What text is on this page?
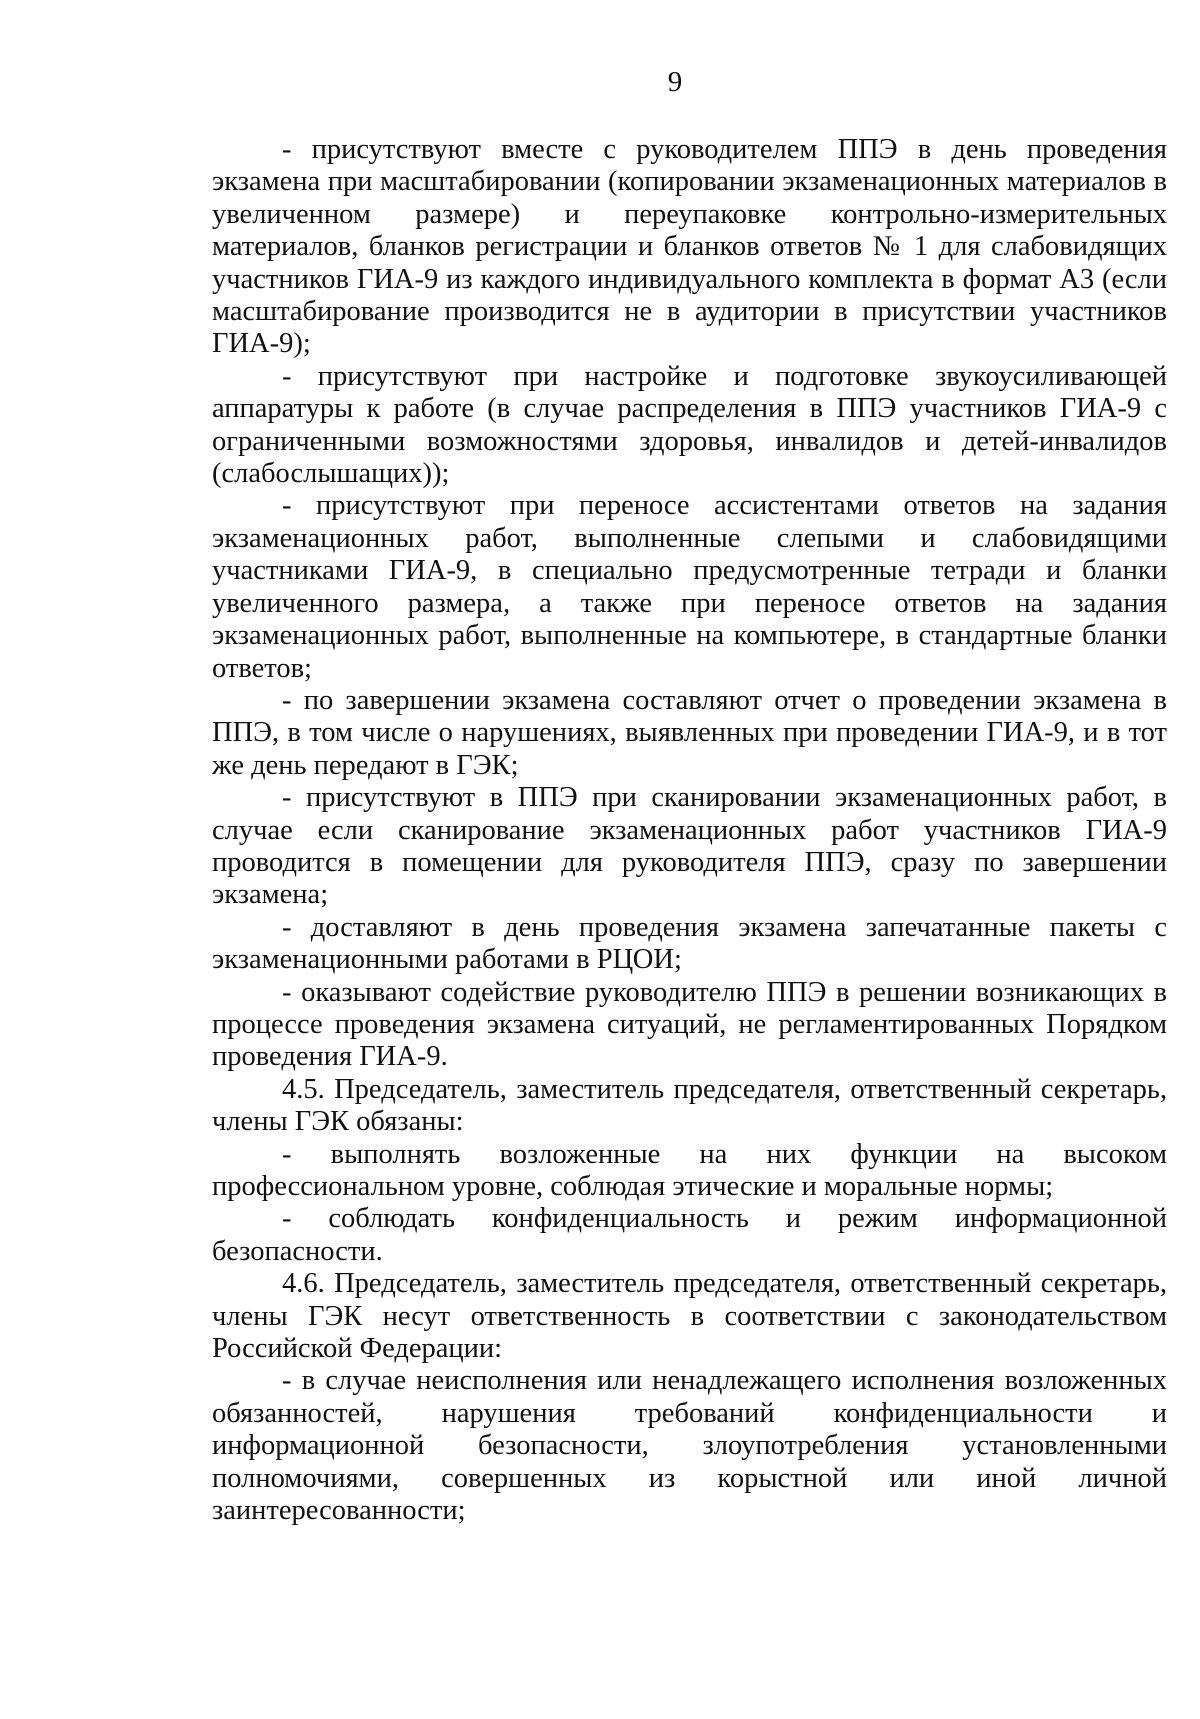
9

- присутствуют вместе с руководителем ППЭ в день проведения экзамена при масштабировании (копировании экзаменационных материалов в увеличенном размере) и переупаковке контрольно-измерительных материалов, бланков регистрации и бланков ответов № 1 для слабовидящих участников ГИА-9 из каждого индивидуального комплекта в формат А3 (если масштабирование производится не в аудитории в присутствии участников ГИА-9);

- присутствуют при настройке и подготовке звукоусиливающей аппаратуры к работе (в случае распределения в ППЭ участников ГИА-9 с ограниченными возможностями здоровья, инвалидов и детей-инвалидов (слабослышащих));

- присутствуют при переносе ассистентами ответов на задания экзаменационных работ, выполненные слепыми и слабовидящими участниками ГИА-9, в специально предусмотренные тетради и бланки увеличенного размера, а также при переносе ответов на задания экзаменационных работ, выполненные на компьютере, в стандартные бланки ответов;

- по завершении экзамена составляют отчет о проведении экзамена в ППЭ, в том числе о нарушениях, выявленных при проведении ГИА-9, и в тот же день передают в ГЭК;

- присутствуют в ППЭ при сканировании экзаменационных работ, в случае если сканирование экзаменационных работ участников ГИА-9 проводится в помещении для руководителя ППЭ, сразу по завершении экзамена;

- доставляют в день проведения экзамена запечатанные пакеты с экзаменационными работами в РЦОИ;

- оказывают содействие руководителю ППЭ в решении возникающих в процессе проведения экзамена ситуаций, не регламентированных Порядком проведения ГИА-9.

4.5. Председатель, заместитель председателя, ответственный секретарь, члены ГЭК обязаны:

- выполнять возложенные на них функции на высоком профессиональном уровне, соблюдая этические и моральные нормы;

- соблюдать конфиденциальность и режим информационной безопасности.

4.6. Председатель, заместитель председателя, ответственный секретарь, члены ГЭК несут ответственность в соответствии с законодательством Российской Федерации:

- в случае неисполнения или ненадлежащего исполнения возложенных обязанностей, нарушения требований конфиденциальности и информационной безопасности, злоупотребления установленными полномочиями, совершенных из корыстной или иной личной заинтересованности;
